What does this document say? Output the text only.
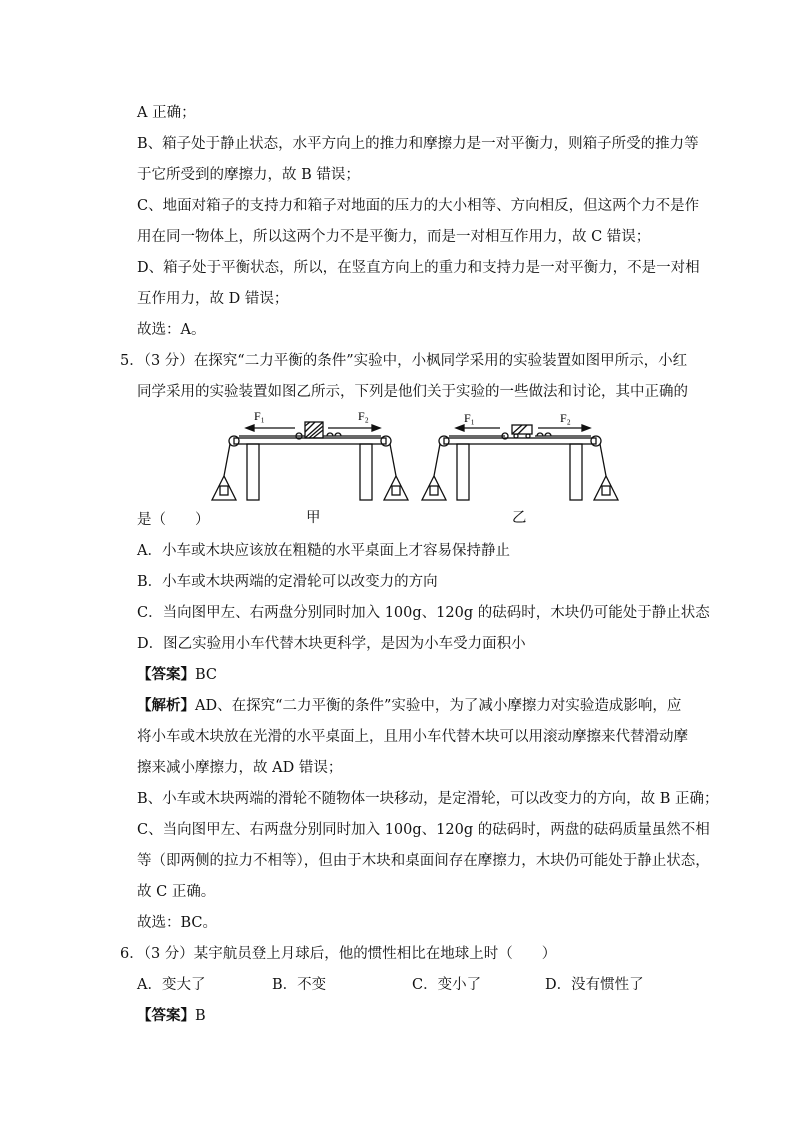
A 正确；
B、箱子处于静止状态，水平方向上的推力和摩擦力是一对平衡力，则箱子所受的推力等
于它所受到的摩擦力，故 B 错误；
C、地面对箱子的支持力和箱子对地面的压力的大小相等、方向相反，但这两个力不是作
用在同一物体上，所以这两个力不是平衡力，而是一对相互作用力，故 C 错误；
D、箱子处于平衡状态，所以，在竖直方向上的重力和支持力是一对平衡力，不是一对相
互作用力，故 D 错误；
故选：A。
5．（3 分）在探究“二力平衡的条件”实验中，小枫同学采用的实验装置如图甲所示，小红
同学采用的实验装置如图乙所示，下列是他们关于实验的一些做法和讨论，其中正确的
F₁	F₂	F₁	F₂
是（　　）	甲	乙
A．小车或木块应该放在粗糙的水平桌面上才容易保持静止
B．小车或木块两端的定滑轮可以改变力的方向
C．当向图甲左、右两盘分别同时加入 100g、120g 的砝码时，木块仍可能处于静止状态
D．图乙实验用小车代替木块更科学，是因为小车受力面积小
【答案】BC
【解析】AD、在探究“二力平衡的条件”实验中，为了减小摩擦力对实验造成影响，应
将小车或木块放在光滑的水平桌面上，且用小车代替木块可以用滚动摩擦来代替滑动摩
擦来减小摩擦力，故 AD 错误；
B、小车或木块两端的滑轮不随物体一块移动，是定滑轮，可以改变力的方向，故 B 正确；
C、当向图甲左、右两盘分别同时加入 100g、120g 的砝码时，两盘的砝码质量虽然不相
等（即两侧的拉力不相等），但由于木块和桌面间存在摩擦力，木块仍可能处于静止状态，
故 C 正确。
故选：BC。
6．（3 分）某宇航员登上月球后，他的惯性相比在地球上时（　　）
A．变大了	B．不变	C．变小了	D．没有惯性了
【答案】B
